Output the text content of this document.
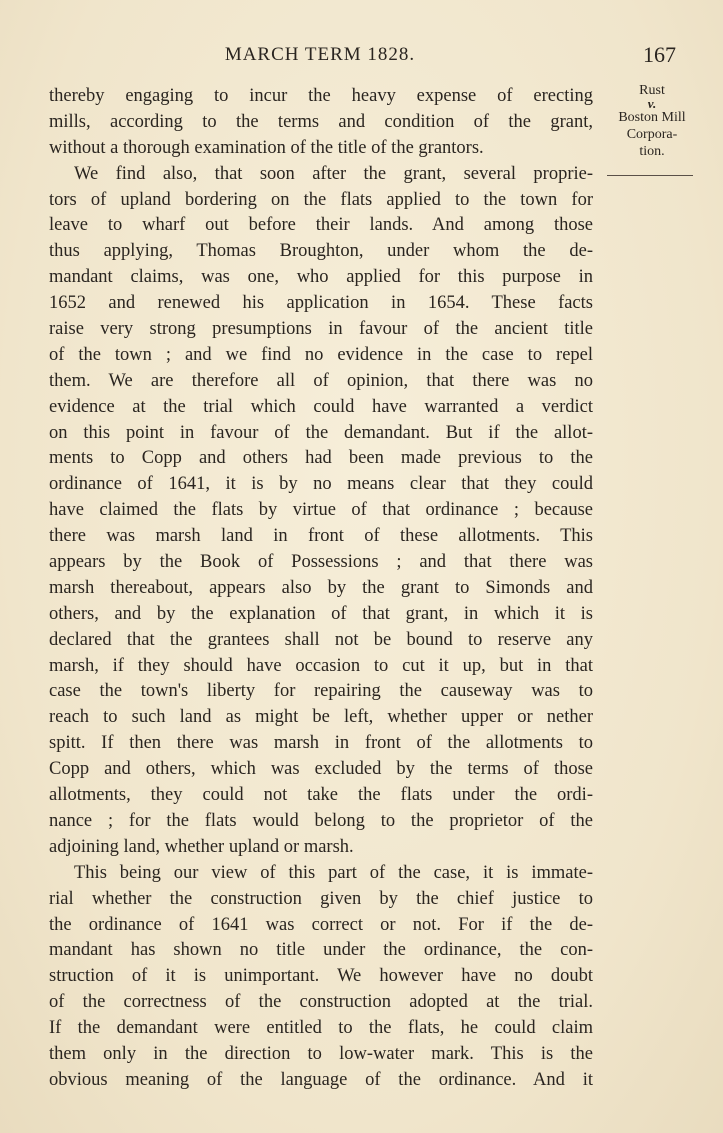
MARCH TERM 1828.	167
Rust
v.
Boston Mill
Corpora-
tion.
thereby engaging to incur the heavy expense of erecting
mills, according to the terms and condition of the grant,
without a thorough examination of the title of the grantors.
We find also, that soon after the grant, several proprie-
tors of upland bordering on the flats applied to the town for
leave to wharf out before their lands. And among those
thus applying, Thomas Broughton, under whom the de-
mandant claims, was one, who applied for this purpose in
1652 and renewed his application in 1654. These facts
raise very strong presumptions in favour of the ancient title
of the town ; and we find no evidence in the case to repel
them. We are therefore all of opinion, that there was no
evidence at the trial which could have warranted a verdict
on this point in favour of the demandant. But if the allot-
ments to Copp and others had been made previous to the
ordinance of 1641, it is by no means clear that they could
have claimed the flats by virtue of that ordinance ; because
there was marsh land in front of these allotments. This
appears by the Book of Possessions ; and that there was
marsh thereabout, appears also by the grant to Simonds and
others, and by the explanation of that grant, in which it is
declared that the grantees shall not be bound to reserve any
marsh, if they should have occasion to cut it up, but in that
case the town's liberty for repairing the causeway was to
reach to such land as might be left, whether upper or nether
spitt. If then there was marsh in front of the allotments to
Copp and others, which was excluded by the terms of those
allotments, they could not take the flats under the ordi-
nance ; for the flats would belong to the proprietor of the
adjoining land, whether upland or marsh.
This being our view of this part of the case, it is immate-
rial whether the construction given by the chief justice to
the ordinance of 1641 was correct or not. For if the de-
mandant has shown no title under the ordinance, the con-
struction of it is unimportant. We however have no doubt
of the correctness of the construction adopted at the trial.
If the demandant were entitled to the flats, he could claim
them only in the direction to low-water mark. This is the
obvious meaning of the language of the ordinance. And it
